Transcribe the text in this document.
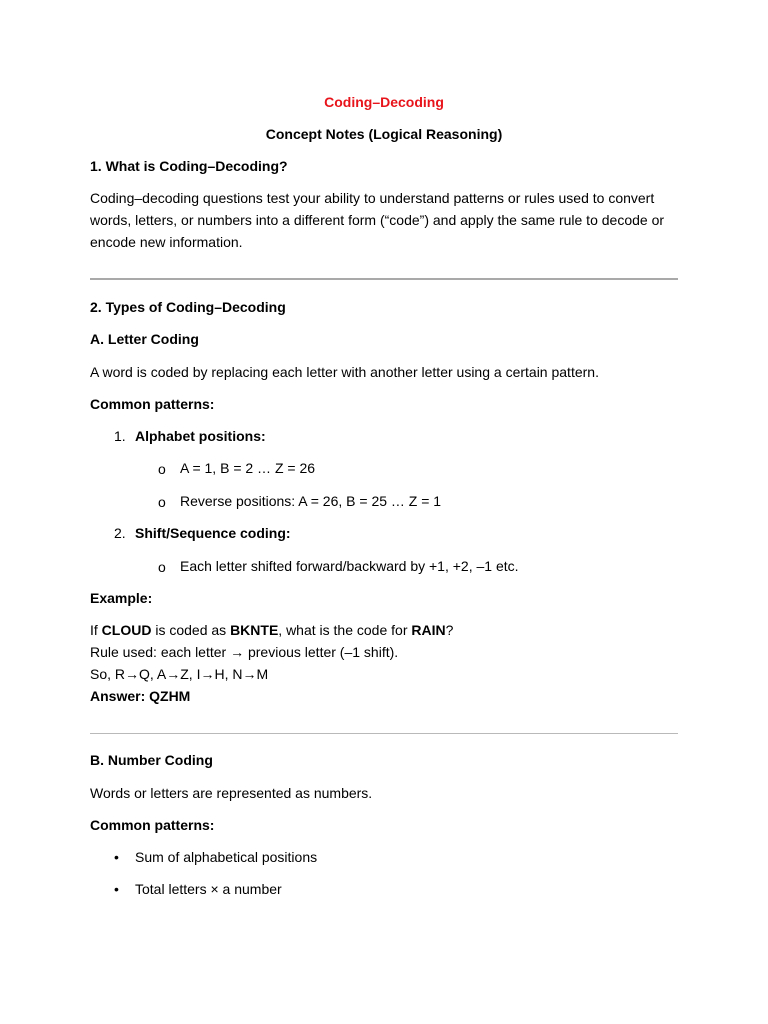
Coding–Decoding
Concept Notes (Logical Reasoning)
1. What is Coding–Decoding?

Coding–decoding questions test your ability to understand patterns or rules used to convert words, letters, or numbers into a different form (“code”) and apply the same rule to decode or encode new information.

2. Types of Coding–Decoding
A. Letter Coding
A word is coded by replacing each letter with another letter using a certain pattern.
Common patterns:
1. Alphabet positions:
o A = 1, B = 2 … Z = 26
o Reverse positions: A = 26, B = 25 … Z = 1
2. Shift/Sequence coding:
o Each letter shifted forward/backward by +1, +2, –1 etc.
Example:
If CLOUD is coded as BKNTE, what is the code for RAIN?
Rule used: each letter → previous letter (–1 shift).
So, R→Q, A→Z, I→H, N→M
Answer: QZHM
B. Number Coding
Words or letters are represented as numbers.
Common patterns:
• Sum of alphabetical positions
• Total letters × a number
